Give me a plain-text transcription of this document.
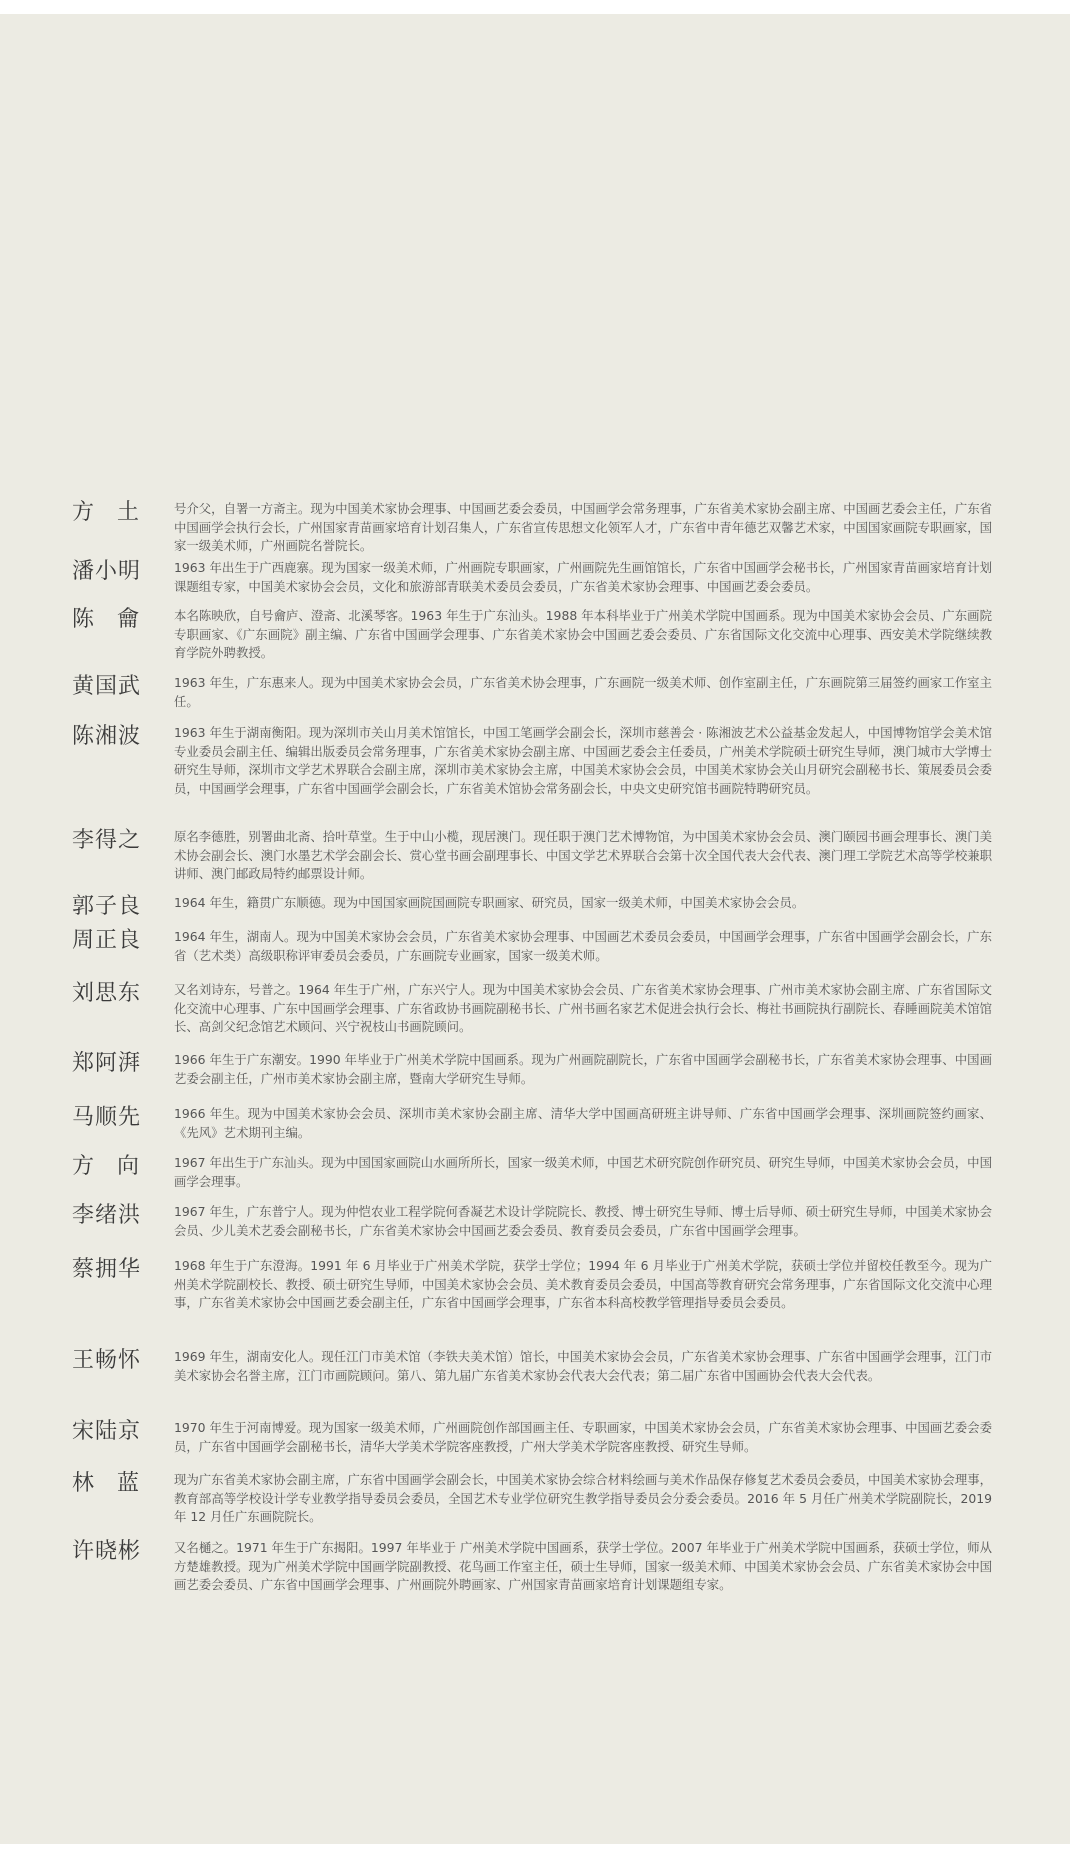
方 土	号介父，自署一方斋主。现为中国美术家协会理事、中国画艺委会委员，中国画学会常务理事，广东省美术家协会副主席、中国画艺委会主任，广东省中国画学会执行会长，广州国家青苗画家培育计划召集人，广东省宣传思想文化领军人才，广东省中青年德艺双馨艺术家，中国国家画院专职画家，国家一级美术师，广州画院名誉院长。
潘小明	1963 年出生于广西鹿寨。现为国家一级美术师，广州画院专职画家，广州画院先生画馆馆长，广东省中国画学会秘书长，广州国家青苗画家培育计划课题组专家，中国美术家协会会员，文化和旅游部青联美术委员会委员，广东省美术家协会理事、中国画艺委会委员。
陈 龠	本名陈映欣，自号龠庐、澄斋、北溪琴客。1963 年生于广东汕头。1988 年本科毕业于广州美术学院中国画系。现为中国美术家协会会员、广东画院专职画家、《广东画院》副主编、广东省中国画学会理事、广东省美术家协会中国画艺委会委员、广东省国际文化交流中心理事、西安美术学院继续教育学院外聘教授。
黄国武	1963 年生，广东惠来人。现为中国美术家协会会员，广东省美术协会理事，广东画院一级美术师、创作室副主任，广东画院第三届签约画家工作室主任。
陈湘波	1963 年生于湖南衡阳。现为深圳市关山月美术馆馆长，中国工笔画学会副会长，深圳市慈善会 · 陈湘波艺术公益基金发起人，中国博物馆学会美术馆专业委员会副主任、编辑出版委员会常务理事，广东省美术家协会副主席、中国画艺委会主任委员，广州美术学院硕士研究生导师，澳门城市大学博士研究生导师，深圳市文学艺术界联合会副主席，深圳市美术家协会主席，中国美术家协会会员，中国美术家协会关山月研究会副秘书长、策展委员会委员，中国画学会理事，广东省中国画学会副会长，广东省美术馆协会常务副会长，中央文史研究馆书画院特聘研究员。
李得之	原名李德胜，别署曲北斋、拾叶草堂。生于中山小榄，现居澳门。现任职于澳门艺术博物馆，为中国美术家协会会员、澳门颐园书画会理事长、澳门美术协会副会长、澳门水墨艺术学会副会长、赏心堂书画会副理事长、中国文学艺术界联合会第十次全国代表大会代表、澳门理工学院艺术高等学校兼职讲师、澳门邮政局特约邮票设计师。
郭子良	1964 年生，籍贯广东顺德。现为中国国家画院国画院专职画家、研究员，国家一级美术师，中国美术家协会会员。
周正良	1964 年生，湖南人。现为中国美术家协会会员，广东省美术家协会理事、中国画艺术委员会委员，中国画学会理事，广东省中国画学会副会长，广东省（艺术类）高级职称评审委员会委员，广东画院专业画家，国家一级美术师。
刘思东	又名刘诗东，号普之。1964 年生于广州，广东兴宁人。现为中国美术家协会会员、广东省美术家协会理事、广州市美术家协会副主席、广东省国际文化交流中心理事、广东中国画学会理事、广东省政协书画院副秘书长、广州书画名家艺术促进会执行会长、梅社书画院执行副院长、春睡画院美术馆馆长、高剑父纪念馆艺术顾问、兴宁祝枝山书画院顾问。
郑阿湃	1966 年生于广东潮安。1990 年毕业于广州美术学院中国画系。现为广州画院副院长，广东省中国画学会副秘书长，广东省美术家协会理事、中国画艺委会副主任，广州市美术家协会副主席，暨南大学研究生导师。
马顺先	1966 年生。现为中国美术家协会会员、深圳市美术家协会副主席、清华大学中国画高研班主讲导师、广东省中国画学会理事、深圳画院签约画家、《先风》艺术期刊主编。
方 向	1967 年出生于广东汕头。现为中国国家画院山水画所所长，国家一级美术师，中国艺术研究院创作研究员、研究生导师，中国美术家协会会员，中国画学会理事。
李绪洪	1967 年生，广东普宁人。现为仲恺农业工程学院何香凝艺术设计学院院长、教授、博士研究生导师、博士后导师、硕士研究生导师，中国美术家协会会员、少儿美术艺委会副秘书长，广东省美术家协会中国画艺委会委员、教育委员会委员，广东省中国画学会理事。
蔡拥华	1968 年生于广东澄海。1991 年 6 月毕业于广州美术学院，获学士学位；1994 年 6 月毕业于广州美术学院，获硕士学位并留校任教至今。现为广州美术学院副校长、教授、硕士研究生导师，中国美术家协会会员、美术教育委员会委员，中国高等教育研究会常务理事，广东省国际文化交流中心理事，广东省美术家协会中国画艺委会副主任，广东省中国画学会理事，广东省本科高校教学管理指导委员会委员。
王畅怀	1969 年生，湖南安化人。现任江门市美术馆（李铁夫美术馆）馆长，中国美术家协会会员，广东省美术家协会理事、广东省中国画学会理事，江门市美术家协会名誉主席，江门市画院顾问。第八、第九届广东省美术家协会代表大会代表；第二届广东省中国画协会代表大会代表。
宋陆京	1970 年生于河南博爱。现为国家一级美术师，广州画院创作部国画主任、专职画家，中国美术家协会会员，广东省美术家协会理事、中国画艺委会委员，广东省中国画学会副秘书长，清华大学美术学院客座教授，广州大学美术学院客座教授、研究生导师。
林 蓝	现为广东省美术家协会副主席，广东省中国画学会副会长，中国美术家协会综合材料绘画与美术作品保存修复艺术委员会委员，中国美术家协会理事，教育部高等学校设计学专业教学指导委员会委员，全国艺术专业学位研究生教学指导委员会分委会委员。2016 年 5 月任广州美术学院副院长，2019 年 12 月任广东画院院长。
许晓彬	又名樋之。1971 年生于广东揭阳。1997 年毕业于 广州美术学院中国画系，获学士学位。2007 年毕业于广州美术学院中国画系，获硕士学位，师从方楚雄教授。现为广州美术学院中国画学院副教授、花鸟画工作室主任，硕士生导师，国家一级美术师、中国美术家协会会员、广东省美术家协会中国画艺委会委员、广东省中国画学会理事、广州画院外聘画家、广州国家青苗画家培育计划课题组专家。
